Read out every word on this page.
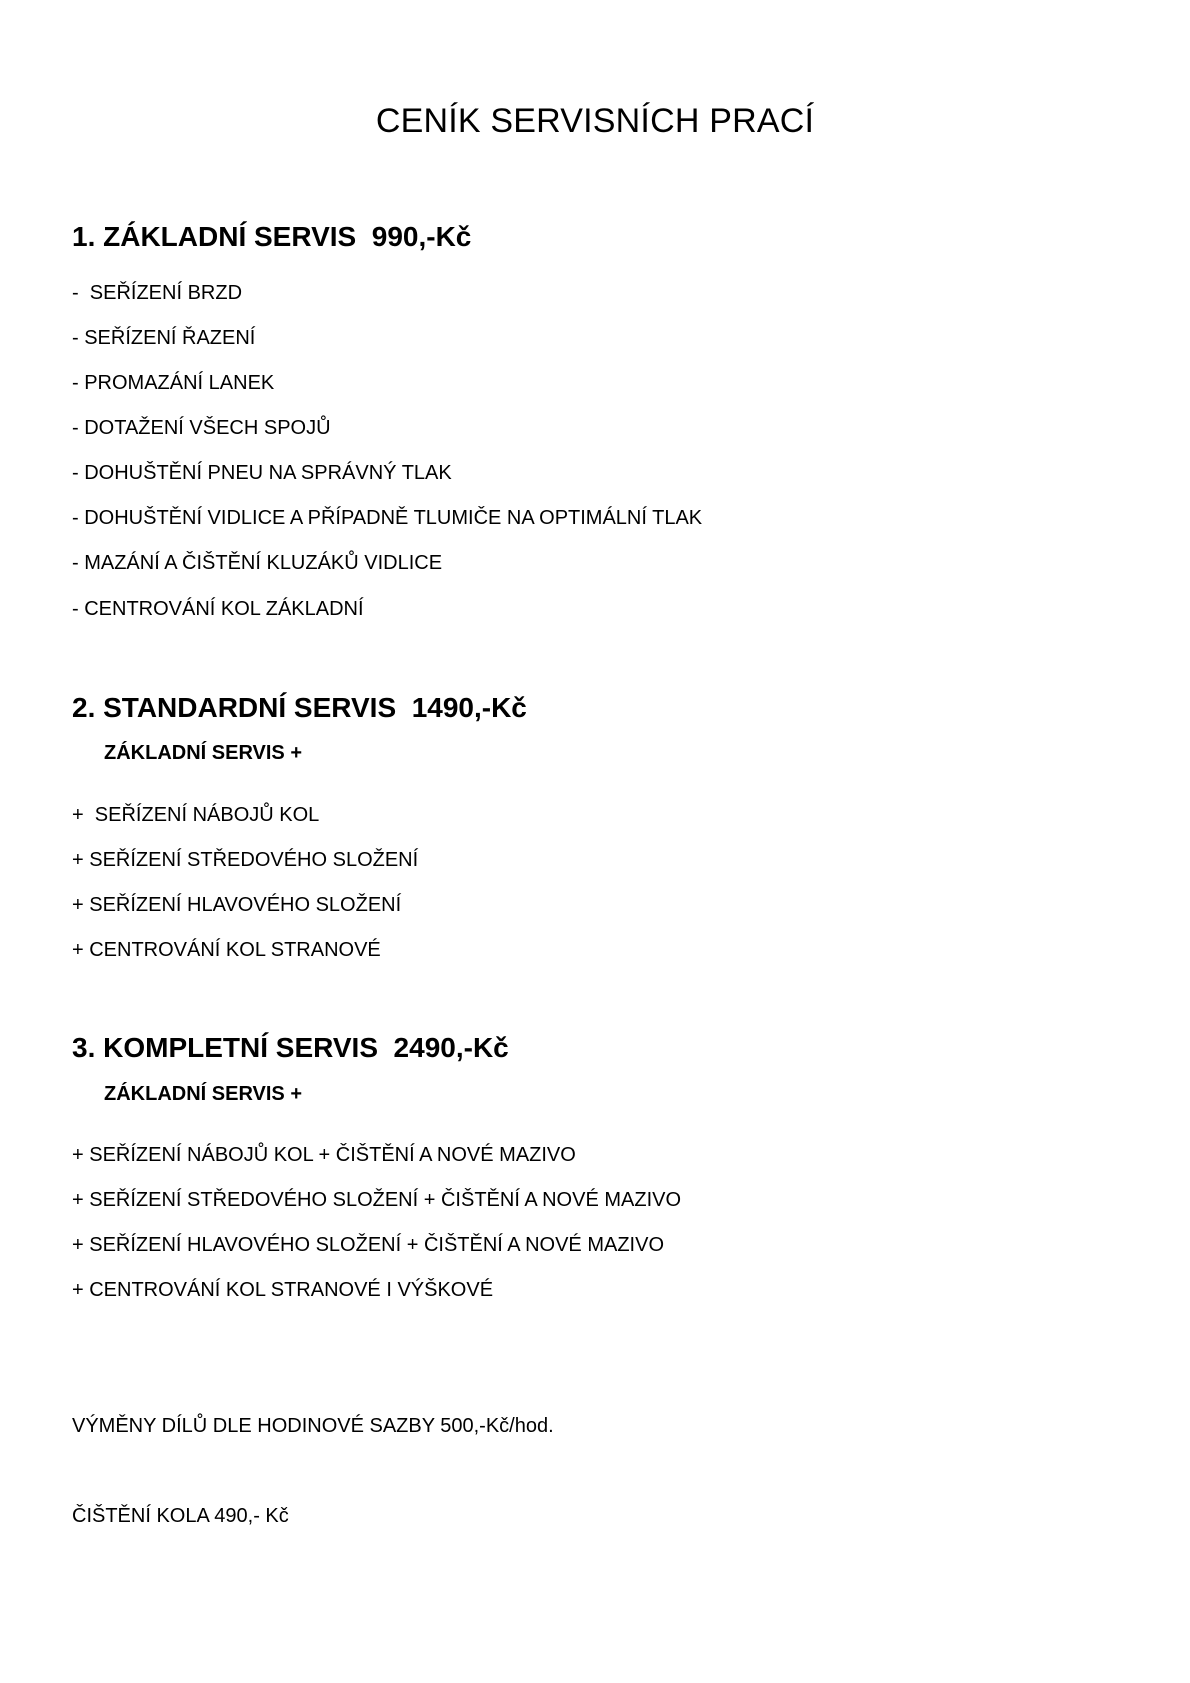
CENÍK SERVISNÍCH PRACÍ
1. ZÁKLADNÍ SERVIS  990,-Kč
-  SEŘÍZENÍ BRZD
- SEŘÍZENÍ ŘAZENÍ
- PROMAZÁNÍ LANEK
- DOTAŽENÍ VŠECH SPOJŮ
- DOHUŠTĚNÍ PNEU NA SPRÁVNÝ TLAK
- DOHUŠTĚNÍ VIDLICE A PŘÍPADNĚ TLUMIČE NA OPTIMÁLNÍ TLAK
- MAZÁNÍ A ČIŠTĚNÍ KLUZÁKŮ VIDLICE
- CENTROVÁNÍ KOL ZÁKLADNÍ
2. STANDARDNÍ SERVIS  1490,-Kč
ZÁKLADNÍ SERVIS +
+  SEŘÍZENÍ NÁBOJŮ KOL
+ SEŘÍZENÍ STŘEDOVÉHO SLOŽENÍ
+ SEŘÍZENÍ HLAVOVÉHO SLOŽENÍ
+ CENTROVÁNÍ KOL STRANOVÉ
3. KOMPLETNÍ SERVIS  2490,-Kč
ZÁKLADNÍ SERVIS +
+ SEŘÍZENÍ NÁBOJŮ KOL + ČIŠTĚNÍ A NOVÉ MAZIVO
+ SEŘÍZENÍ STŘEDOVÉHO SLOŽENÍ + ČIŠTĚNÍ A NOVÉ MAZIVO
+ SEŘÍZENÍ HLAVOVÉHO SLOŽENÍ + ČIŠTĚNÍ A NOVÉ MAZIVO
+ CENTROVÁNÍ KOL STRANOVÉ I VÝŠKOVÉ
VÝMĚNY DÍLŮ DLE HODINOVÉ SAZBY 500,-Kč/hod.
ČIŠTĚNÍ KOLA 490,- Kč
